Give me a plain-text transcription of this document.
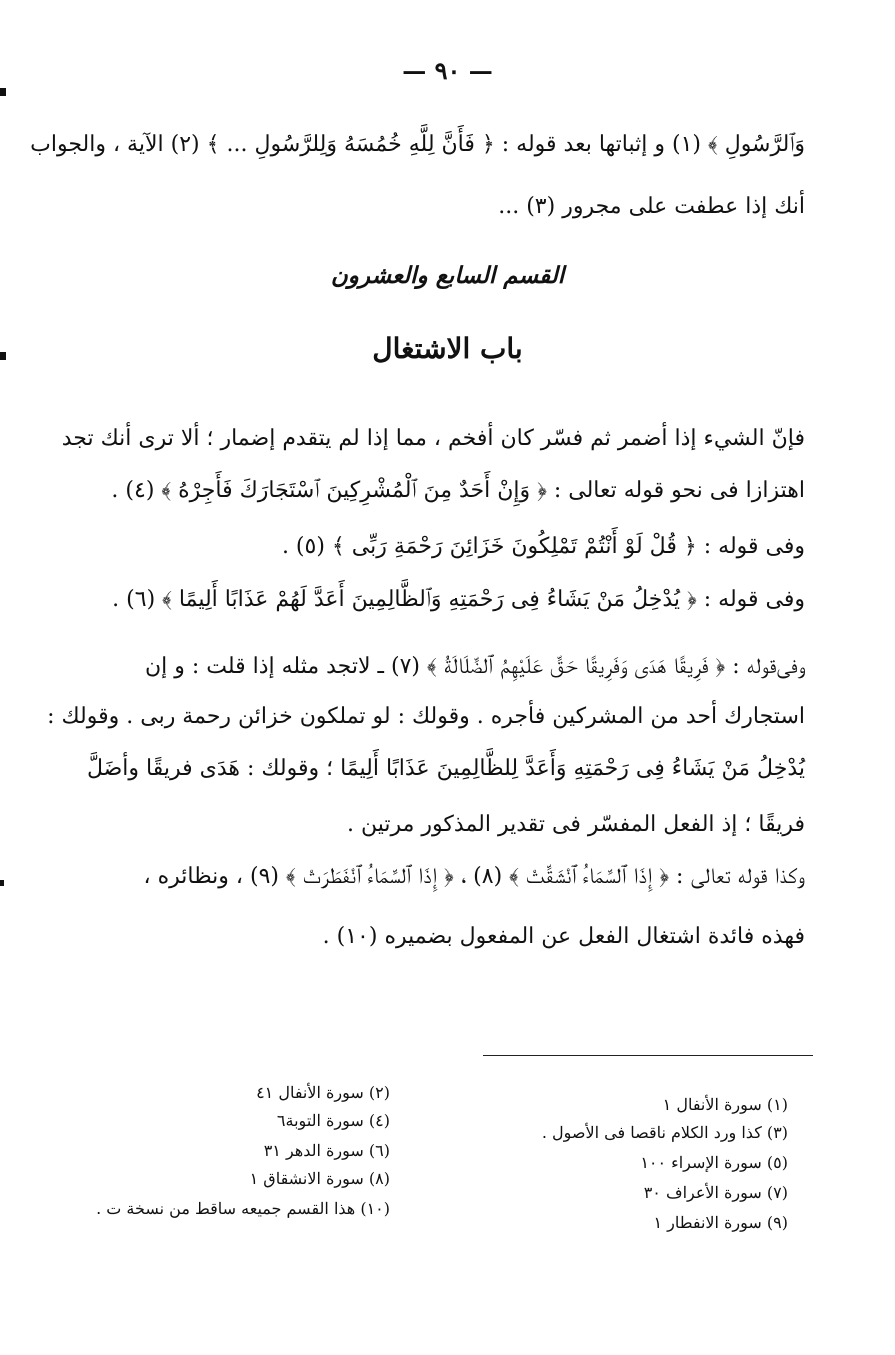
— ٩٠ —
ﻭَﭐﻟﺮَّﺳُﻮﻝِ ﴾ (١) ﻭ ﺇﺛﺒﺎﺗﻬﺎ ﺑﻌﺪ ﻗﻮﻟﻪ : ﴿ ﻓَﺄَﻥَّ ﻟِﻠَّﻪِ ﺧُﻤُﺴَﻪُ ﻭَﻟِﻠﺮَّﺳُﻮﻝِ ... ﴾ (٢) ﺍﻵﻳﺔ ، ﻭﺍﻟﺠﻮﺍﺏ
ﺃﻧﻚ ﺇﺫﺍ ﻋﻄﻔﺖ ﻋﻠﻰ ﻣﺠﺮﻭﺭ (٣) ...
ﺍﻟﻘﺴﻢ ﺍﻟﺴﺎﺑﻊ ﻭﺍﻟﻌﺸﺮﻭﻥ
ﺑﺎﺏ ﺍﻻﺷﺘﻐﺎﻝ
ﻓﺈﻥّ ﺍﻟﺸﻲﺀ ﺇﺫﺍ ﺃﺿﻤﺮ ﺛﻢ ﻓﺴّﺮ ﻛﺎﻥ ﺃﻓﺨﻢ ، ﻣﻤﺎ ﺇﺫﺍ ﻟﻢ ﻳﺘﻘﺪﻡ ﺇﺿﻤﺎﺭ ؛ ﺃﻻ ﺗﺮﻯ ﺃﻧﻚ ﺗﺠﺪ
ﺍﻫﺘﺰﺍﺯﺍ ﻓﻰ ﻧﺤﻮ ﻗﻮﻟﻪ ﺗﻌﺎﻟﻰ : ﴿ ﻭَﺇِﻥْ ﺃَﺣَﺪٌ ﻣِﻦَ ﭐﻟْﻤُﺸْﺮِﻛِﻴﻦَ ﭐﺳْﺘَﺠَﺎﺭَﻙَ ﻓَﺄَﺟِﺮْﻩُ ﴾ (٤) .
ﻭﻓﻰ ﻗﻮﻟﻪ : ﴿ ﻗُﻞْ ﻟَﻮْ ﺃَﻧْﺘُﻢْ ﺗَﻤْﻠِﻜُﻮﻥَ ﺧَﺰَﺍﺋِﻦَ ﺭَﺣْﻤَﺔِ ﺭَﺑِّﻰ ﴾ (٥) .
ﻭﻓﻰ ﻗﻮﻟﻪ : ﴿ ﻳُﺪْﺧِﻞُ ﻣَﻦْ ﻳَﺸَﺎﺀُ ﻓِﻰ ﺭَﺣْﻤَﺘِﻪِ ﻭَﭐﻟﻈَّﺎﻟِﻤِﻴﻦَ ﺃَﻋَﺪَّ ﻟَﻬُﻢْ ﻋَﺬَﺍﺑًﺎ ﺃَﻟِﻴﻤًﺎ ﴾ (٦) .
ﻭﻓﻰﻗﻮﻟﻪ : ﴿ ﻓَﺮِﻳﻘًﺎ ﻫَﺪَﻯ ﻭَﻓَﺮِﻳﻘًﺎ ﺣَﻖَّ ﻋَﻠَﻴْﻬِﻢُ ﭐﻟﻀَّﻠَﺎﻟَﺔُ ﴾ (٧) ـ ﻻﺗﺠﺪ ﻣﺜﻠﻪ ﺇﺫﺍ ﻗﻠﺖ : ﻭ ﺇﻥ
ﺍﺳﺘﺠﺎﺭﻙ ﺃﺣﺪ ﻣﻦ ﺍﻟﻤﺸﺮﻛﻴﻦ ﻓﺄﺟﺮﻩ . ﻭﻗﻮﻟﻚ : ﻟﻮ ﺗﻤﻠﻜﻮﻥ ﺧﺰﺍﺋﻦ ﺭﺣﻤﺔ ﺭﺑﻰ . ﻭﻗﻮﻟﻚ :
ﻳُﺪْﺧِﻞُ ﻣَﻦْ ﻳَﺸَﺎﺀُ ﻓِﻰ ﺭَﺣْﻤَﺘِﻪِ ﻭَﺃَﻋَﺪَّ ﻟِﻠﻈَّﺎﻟِﻤِﻴﻦَ ﻋَﺬَﺍﺑًﺎ ﺃَﻟِﻴﻤًﺎ ؛ ﻭﻗﻮﻟﻚ : ﻫَﺪَﻯ ﻓﺮﻳﻘًﺎ ﻭﺃﺿَﻞَّ
ﻓﺮﻳﻘًﺎ ؛ ﺇﺫ ﺍﻟﻔﻌﻞ ﺍﻟﻤﻔﺴّﺮ ﻓﻰ ﺗﻘﺪﻳﺮ ﺍﻟﻤﺬﻛﻮﺭ ﻣﺮﺗﻴﻦ .
ﻭﻛﺬﺍ ﻗﻮﻟﻪ ﺗﻌﺎﻟﻰ : ﴿ ﺇِﺫَﺍ ﭐﻟﺴَّﻤَﺎﺀُ ﭐﻧْﺸَﻘَّﺖْ ﴾ (٨) ، ﴿ ﺇِﺫَﺍ ﭐﻟﺴَّﻤَﺎﺀُ ﭐﻧْﻔَﻄَﺮَﺕْ ﴾ (٩) ، ﻭﻧﻈﺎﺋﺮﻩ ،
ﻓﻬﺬﻩ ﻓﺎﺋﺪﺓ ﺍﺷﺘﻐﺎﻝ ﺍﻟﻔﻌﻞ ﻋﻦ ﺍﻟﻤﻔﻌﻮﻝ ﺑﻀﻤﻴﺮﻩ (١٠) .
(١) ﺳﻮﺭﺓ ﺍﻷﻧﻔﺎﻝ ١
(٢) ﺳﻮﺭﺓ ﺍﻷﻧﻔﺎﻝ ٤١
(٣) ﻛﺬﺍ ﻭﺭﺩ ﺍﻟﻜﻼﻡ ﻧﺎﻗﺼﺎ ﻓﻰ ﺍﻷﺻﻮﻝ .
(٤) ﺳﻮﺭﺓ ﺍﻟﺘﻮﺑﺔ٦
(٥) ﺳﻮﺭﺓ ﺍﻹﺳﺮﺍﺀ ١٠٠
(٦) ﺳﻮﺭﺓ ﺍﻟﺪﻫﺮ ٣١
(٧) ﺳﻮﺭﺓ ﺍﻷﻋﺮﺍﻑ ٣٠
(٨) ﺳﻮﺭﺓ ﺍﻻﻧﺸﻘﺎﻕ ١
(٩) ﺳﻮﺭﺓ ﺍﻻﻧﻔﻄﺎﺭ ١
(١٠) ﻫﺬﺍ ﺍﻟﻘﺴﻢ ﺟﻤﻴﻌﻪ ﺳﺎﻗﻂ ﻣﻦ ﻧﺴﺨﺔ ﺕ .
